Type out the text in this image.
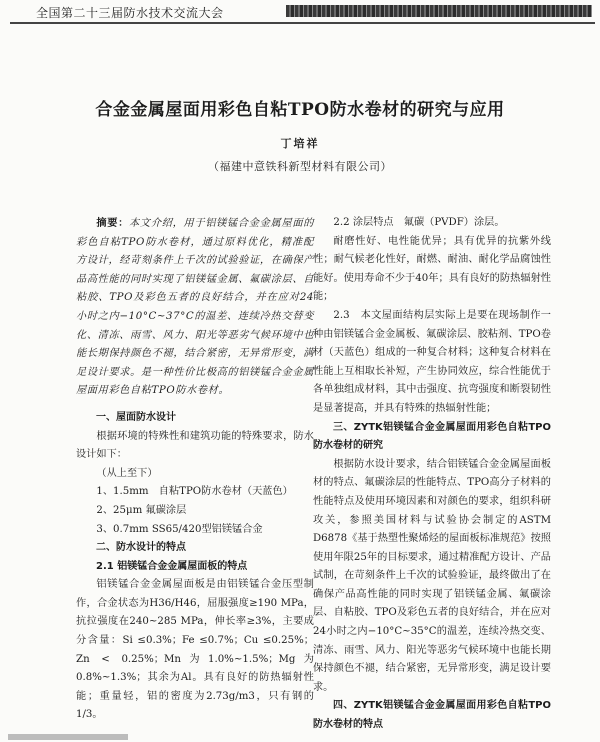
全国第二十三届防水技术交流大会
合金金属屋面用彩色自粘TPO防水卷材的研究与应用
丁培祥
（福建中意铁科新型材料有限公司）

摘要：本文介绍，用于铝镁锰合金金属屋面的彩色自粘TPO防水卷材，通过原料优化，精准配方设计，经苛刻条件上千次的试验验证，在确保产品高性能的同时实现了铝镁锰金属、氟碳涂层、自粘胶、TPO及彩色五者的良好结合，并在应对24小时之内−10°C~37°C的温差、连续冷热交替变化、清冻、雨雪、风力、阳光等恶劣气候环境中也能长期保持颜色不褪，结合紧密，无异常形变，满足设计要求。是一种性价比极高的铝镁锰合金金属屋面用彩色自粘TPO防水卷材。

一、屋面防水设计

根据环境的特殊性和建筑功能的特殊要求，防水设计如下：

（从上至下）

1、1.5mm　自粘TPO防水卷材（天蓝色）

2、25μm 氟碳涂层

3、0.7mm SS65/420型铝镁锰合金

二、防水设计的特点

2.1 铝镁锰合金金属屋面板的特点

铝镁锰合金金属屋面板是由铝镁锰合金压型制作，合金状态为H36/H46，屈服强度≥190 MPa，抗拉强度在240~285 MPa，伸长率≥3%，主要成分含量：Si ≤0.3%；Fe ≤0.7%；Cu ≤0.25%；Zn < 0.25%；Mn为1.0%~1.5%；Mg为0.8%~1.3%；其余为Al。具有良好的防热辐射性能；重量轻，铝的密度为2.73g/m3，只有钢的1/3。

2.2 涂层特点　氟碳（PVDF）涂层。

耐磨性好、电性能优异；具有优异的抗紫外线性；耐气候老化性好，耐燃、耐油、耐化学品腐蚀性能好。使用寿命不少于40年；具有良好的防热辐射性能；

2.3　本文屋面结构层实际上是要在现场制作一种由铝镁锰合金金属板、氟碳涂层、胶粘剂、TPO卷材（天蓝色）组成的一种复合材料；这种复合材料在性能上互相取长补短，产生协同效应，综合性能优于各单独组成材料，其中击强度、抗弯强度和断裂韧性是显著提高，并具有特殊的热辐射性能；

三、ZYTK铝镁锰合金金属屋面用彩色自粘TPO防水卷材的研究

根据防水设计要求，结合铝镁锰合金金属屋面板材的特点、氟碳涂层的性能特点、TPO高分子材料的性能特点及使用环境因素和对颜色的要求，组织科研攻关，参照美国材料与试验协会制定的ASTM D6878《基于热塑性聚烯烃的屋面板标准规范》按照使用年限25年的目标要求，通过精准配方设计、产品试制，在苛刻条件上千次的试验验证，最终做出了在确保产品高性能的同时实现了铝镁锰金属、氟碳涂层、自粘胶、TPO及彩色五者的良好结合，并在应对24小时之内−10°C~35°C的温差，连续冷热交变、清冻、雨雪、风力、阳光等恶劣气候环境中也能长期保持颜色不褪，结合紧密，无异常形变，满足设计要求。

四、ZYTK铝镁锰合金金属屋面用彩色自粘TPO防水卷材的特点
